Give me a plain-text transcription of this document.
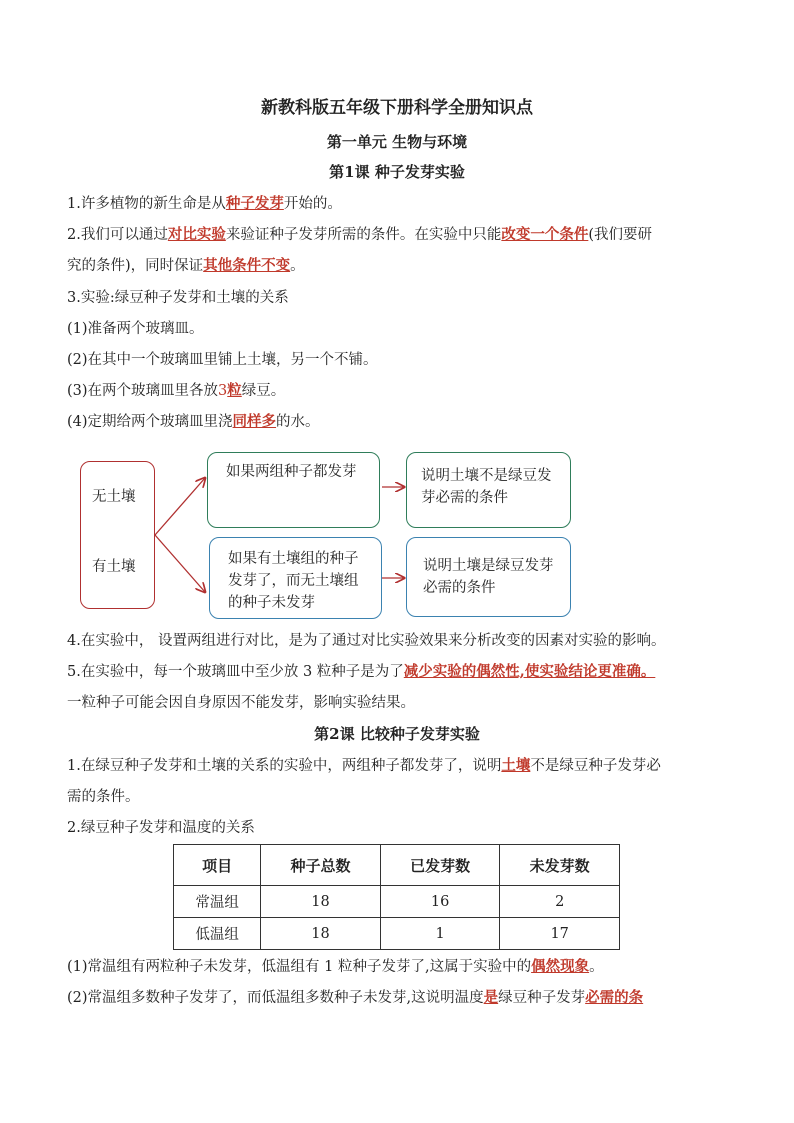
新教科版五年级下册科学全册知识点
第一单元 生物与环境
第1课 种子发芽实验
1.许多植物的新生命是从种子发芽开始的。
2.我们可以通过对比实验来验证种子发芽所需的条件。在实验中只能改变一个条件(我们要研
究的条件)，同时保证其他条件不变。
3.实验:绿豆种子发芽和土壤的关系
(1)准备两个玻璃皿。
(2)在其中一个玻璃皿里铺上土壤，另一个不铺。
(3)在两个玻璃皿里各放3粒绿豆。
(4)定期给两个玻璃皿里浇同样多的水。
无土壤
有土壤
如果两组种子都发芽
如果有土壤组的种子发芽了，而无土壤组的种子未发芽
说明土壤不是绿豆发芽必需的条件
说明土壤是绿豆发芽必需的条件
4.在实验中， 设置两组进行对比，是为了通过对比实验效果来分析改变的因素对实验的影响。
5.在实验中，每一个玻璃皿中至少放 3 粒种子是为了减少实验的偶然性,使实验结论更准确。
一粒种子可能会因自身原因不能发芽，影响实验结果。
第2课 比较种子发芽实验
1.在绿豆种子发芽和土壤的关系的实验中，两组种子都发芽了，说明土壤不是绿豆种子发芽必
需的条件。
2.绿豆种子发芽和温度的关系
项目	种子总数	已发芽数	未发芽数
常温组	18	16	2
低温组	18	1	17
(1)常温组有两粒种子未发芽，低温组有 1 粒种子发芽了,这属于实验中的偶然现象。
(2)常温组多数种子发芽了，而低温组多数种子未发芽,这说明温度是绿豆种子发芽必需的条
